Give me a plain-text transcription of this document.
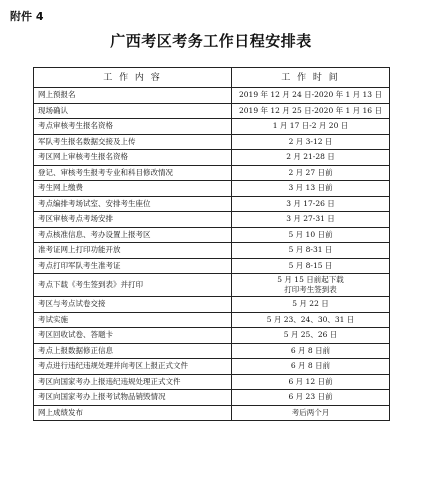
附件 4
广西考区考务工作日程安排表
工 作 内 容	工 作 时 间
网上预报名	2019 年 12 月 24 日-2020 年 1 月 13 日
现场确认	2019 年 12 月 25 日-2020 年 1 月 16 日
考点审核考生报名资格	1 月 17 日-2 月 20 日
军队考生报名数据交接及上传	2 月 3-12 日
考区网上审核考生报名资格	2 月 21-28 日
登记、审核考生报考专业和科目修改情况	2 月 27 日前
考生网上缴费	3 月 13 日前
考点编排考场试室、安排考生座位	3 月 17-26 日
考区审核考点考场安排	3 月 27-31 日
考点核准信息、考办设置上报考区	5 月 10 日前
准考证网上打印功能开放	5 月 8-31 日
考点打印军队考生准考证	5 月 8-15 日
考点下载《考生签到表》并打印	5 月 15 日前起下载
打印考生签到表
考区与考点试卷交接	5 月 22 日
考试实施	5 月 23、24、30、31 日
考区回收试卷、答题卡	5 月 25、26 日
考点上报数据修正信息	6 月 8 日前
考点进行违纪违规处理并向考区上报正式文件	6 月 8 日前
考区向国家考办上报违纪违规处理正式文件	6 月 12 日前
考区向国家考办上报考试物品销毁情况	6 月 23 日前
网上成绩发布	考后两个月
